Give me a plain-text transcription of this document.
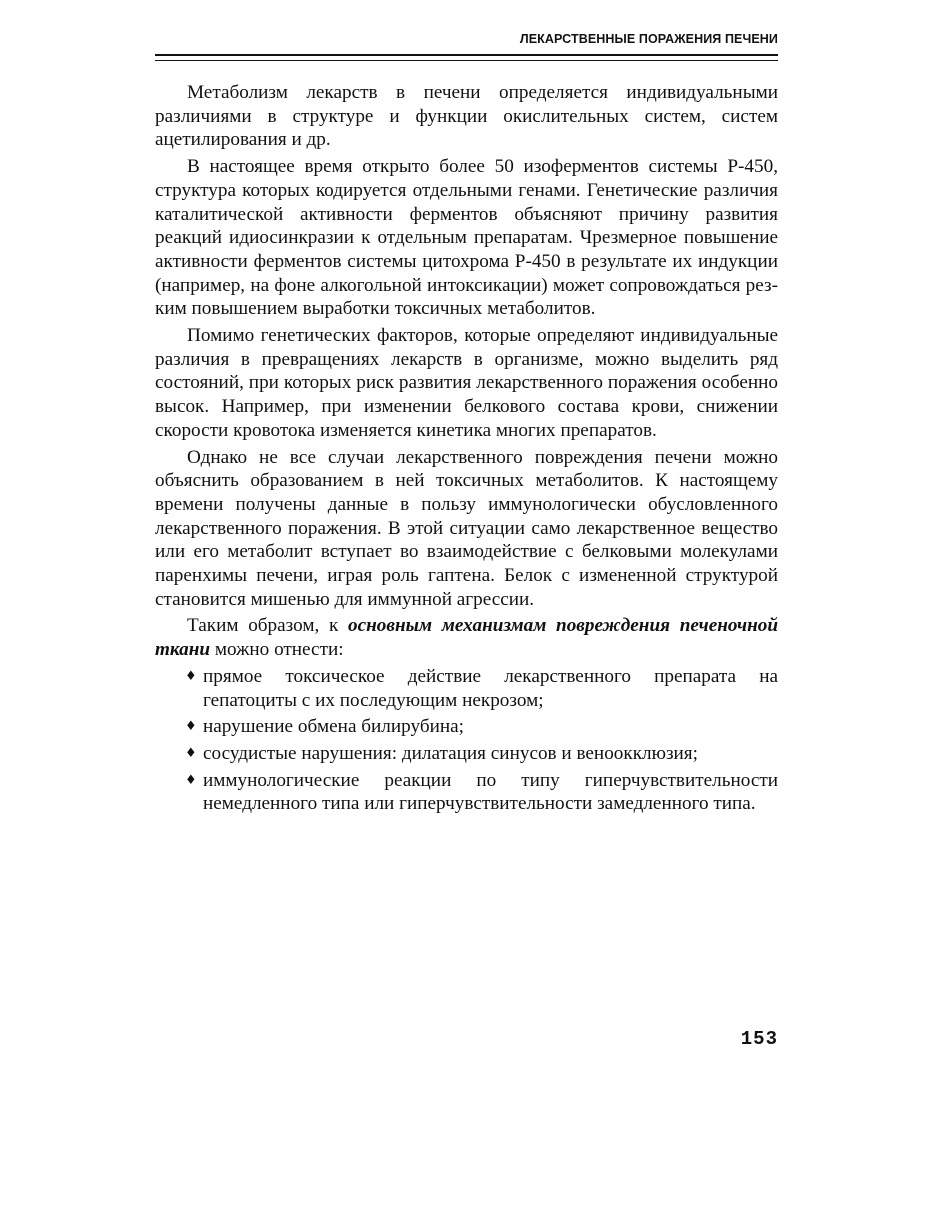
ЛЕКАРСТВЕННЫЕ ПОРАЖЕНИЯ ПЕЧЕНИ

Метаболизм лекарств в печени определяется индивидуальными различиями в структуре и функции окислительных систем, систем ацетилирования и др.

В настоящее время открыто более 50 изоферментов системы Р-450, структура которых кодируется отдельными генами. Генетические различия каталитической активности ферментов объясняют причину развития реакций идиосинкразии к отдельным препаратам. Чрезмерное повышение активности ферментов системы цитохрома Р-450 в результате их индукции (например, на фоне алкогольной интоксикации) может сопровождаться резким повышением выработки токсичных метаболитов.

Помимо генетических факторов, которые определяют индивидуальные различия в превращениях лекарств в организме, можно выделить ряд состояний, при которых риск развития лекарственного поражения особенно высок. Например, при изменении белкового состава крови, снижении скорости кровотока изменяется кинетика многих препаратов.

Однако не все случаи лекарственного повреждения печени можно объяснить образованием в ней токсичных метаболитов. К настоящему времени получены данные в пользу иммунологически обусловленного лекарственного поражения. В этой ситуации само лекарственное вещество или его метаболит вступает во взаимодействие с белковыми молекулами паренхимы печени, играя роль гаптена. Белок с измененной структурой становится мишенью для иммунной агрессии.

Таким образом, к основным механизмам повреждения печеночной ткани можно отнести:

♦ прямое токсическое действие лекарственного препарата на гепатоциты с их последующим некрозом;
♦ нарушение обмена билирубина;
♦ сосудистые нарушения: дилатация синусов и веноокклюзия;
♦ иммунологические реакции по типу гиперчувствительности немедленного типа или гиперчувствительности замедленного типа.
153
